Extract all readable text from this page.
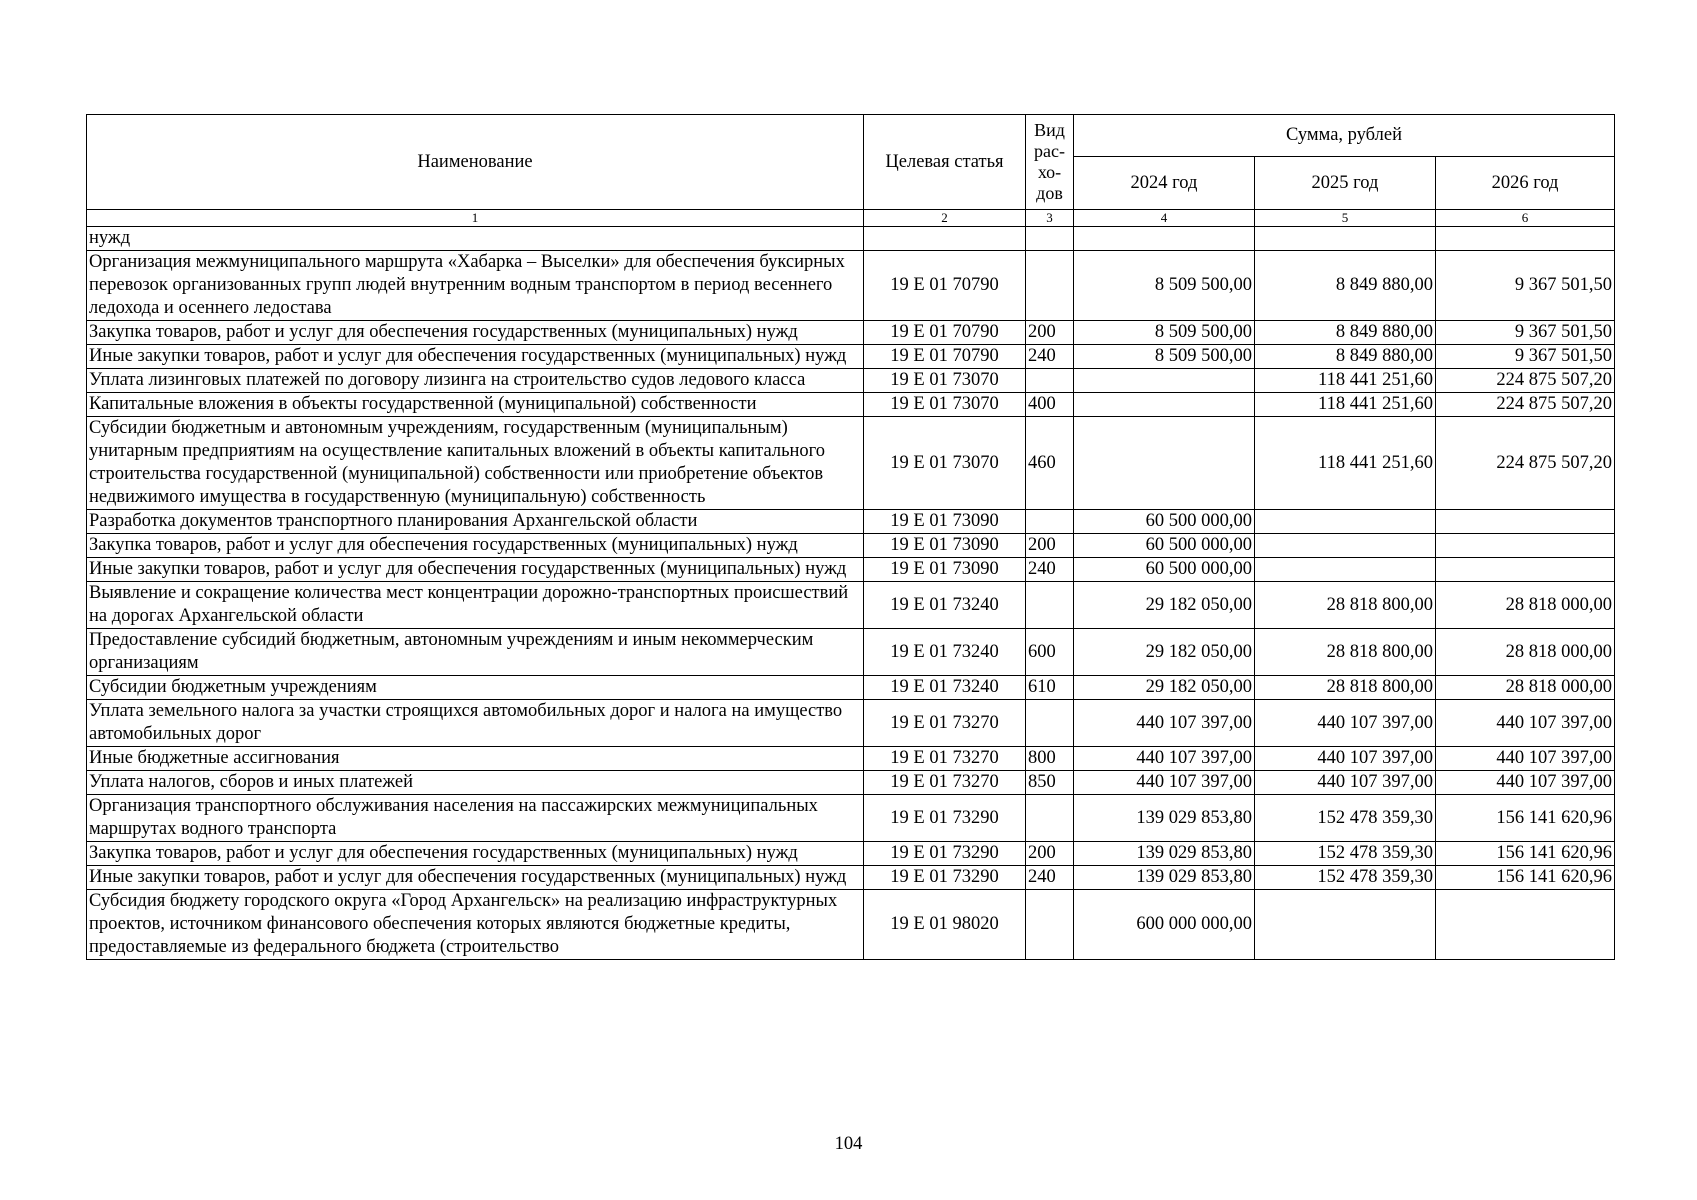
Наименование	Целевая статья	Вид рас- хо- дов	Сумма, рублей		
			2024 год	2025 год	2026 год
1	2	3	4	5	6
нужд					
Организация межмуниципального маршрута «Хабарка – Выселки» для обеспечения буксирных перевозок организованных групп людей внутренним водным транспортом в период весеннего ледохода и осеннего ледостава	19 Е 01 70790		8 509 500,00	8 849 880,00	9 367 501,50
Закупка товаров, работ и услуг для обеспечения государственных (муниципальных) нужд	19 Е 01 70790	200	8 509 500,00	8 849 880,00	9 367 501,50
Иные закупки товаров, работ и услуг для обеспечения государственных (муниципальных) нужд	19 Е 01 70790	240	8 509 500,00	8 849 880,00	9 367 501,50
Уплата лизинговых платежей по договору лизинга на строительство судов ледового класса	19 Е 01 73070			118 441 251,60	224 875 507,20
Капитальные вложения в объекты государственной (муниципальной) собственности	19 Е 01 73070	400		118 441 251,60	224 875 507,20
Субсидии бюджетным и автономным учреждениям, государственным (муниципальным) унитарным предприятиям на осуществление капитальных вложений в объекты капитального строительства государственной (муниципальной) собственности или приобретение объектов недвижимого имущества в государственную (муниципальную) собственность	19 Е 01 73070	460		118 441 251,60	224 875 507,20
Разработка документов транспортного планирования Архангельской области	19 Е 01 73090		60 500 000,00		
Закупка товаров, работ и услуг для обеспечения государственных (муниципальных) нужд	19 Е 01 73090	200	60 500 000,00		
Иные закупки товаров, работ и услуг для обеспечения государственных (муниципальных) нужд	19 Е 01 73090	240	60 500 000,00		
Выявление и сокращение количества мест концентрации дорожно-транспортных происшествий на дорогах Архангельской области	19 Е 01 73240		29 182 050,00	28 818 800,00	28 818 000,00
Предоставление субсидий бюджетным, автономным учреждениям и иным некоммерческим организациям	19 Е 01 73240	600	29 182 050,00	28 818 800,00	28 818 000,00
Субсидии бюджетным учреждениям	19 Е 01 73240	610	29 182 050,00	28 818 800,00	28 818 000,00
Уплата земельного налога за участки строящихся автомобильных дорог и налога на имущество автомобильных дорог	19 Е 01 73270		440 107 397,00	440 107 397,00	440 107 397,00
Иные бюджетные ассигнования	19 Е 01 73270	800	440 107 397,00	440 107 397,00	440 107 397,00
Уплата налогов, сборов и иных платежей	19 Е 01 73270	850	440 107 397,00	440 107 397,00	440 107 397,00
Организация транспортного обслуживания населения на пассажирских межмуниципальных маршрутах водного транспорта	19 Е 01 73290		139 029 853,80	152 478 359,30	156 141 620,96
Закупка товаров, работ и услуг для обеспечения государственных (муниципальных) нужд	19 Е 01 73290	200	139 029 853,80	152 478 359,30	156 141 620,96
Иные закупки товаров, работ и услуг для обеспечения государственных (муниципальных) нужд	19 Е 01 73290	240	139 029 853,80	152 478 359,30	156 141 620,96
Субсидия бюджету городского округа «Город Архангельск» на реализацию инфраструктурных проектов, источником финансового обеспечения которых являются бюджетные кредиты, предоставляемые из федерального бюджета (строительство	19 Е 01 98020		600 000 000,00		
104
